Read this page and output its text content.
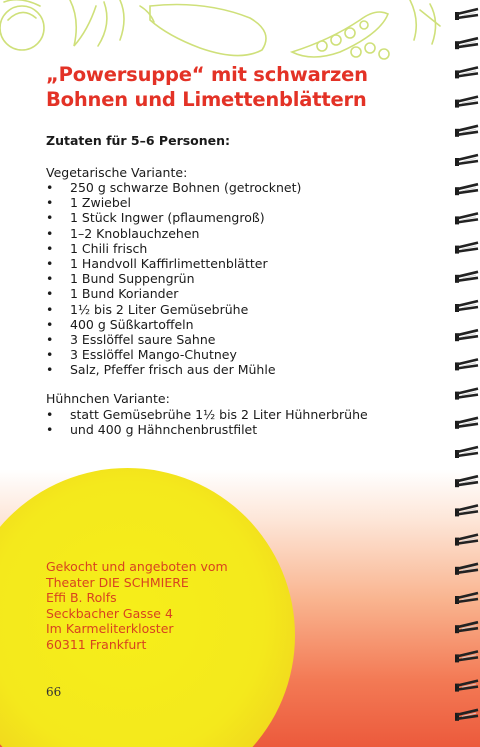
„Powersuppe“ mit schwarzen Bohnen und Limettenblättern
Zutaten für 5–6 Personen:
Vegetarische Variante:
• 250 g schwarze Bohnen (getrocknet)
• 1 Zwiebel
• 1 Stück Ingwer (pflaumengroß)
• 1–2 Knoblauchzehen
• 1 Chili frisch
• 1 Handvoll Kaffirlimettenblätter
• 1 Bund Suppengrün
• 1 Bund Koriander
• 1½ bis 2 Liter Gemüsebrühe
• 400 g Süßkartoffeln
• 3 Esslöffel saure Sahne
• 3 Esslöffel Mango-Chutney
• Salz, Pfeffer frisch aus der Mühle
Hühnchen Variante:
• statt Gemüsebrühe 1½ bis 2 Liter Hühnerbrühe
• und 400 g Hähnchenbrustfilet
Gekocht und angeboten vom
Theater DIE SCHMIERE
Effi B. Rolfs
Seckbacher Gasse 4
Im Karmeliterkloster
60311 Frankfurt
66
